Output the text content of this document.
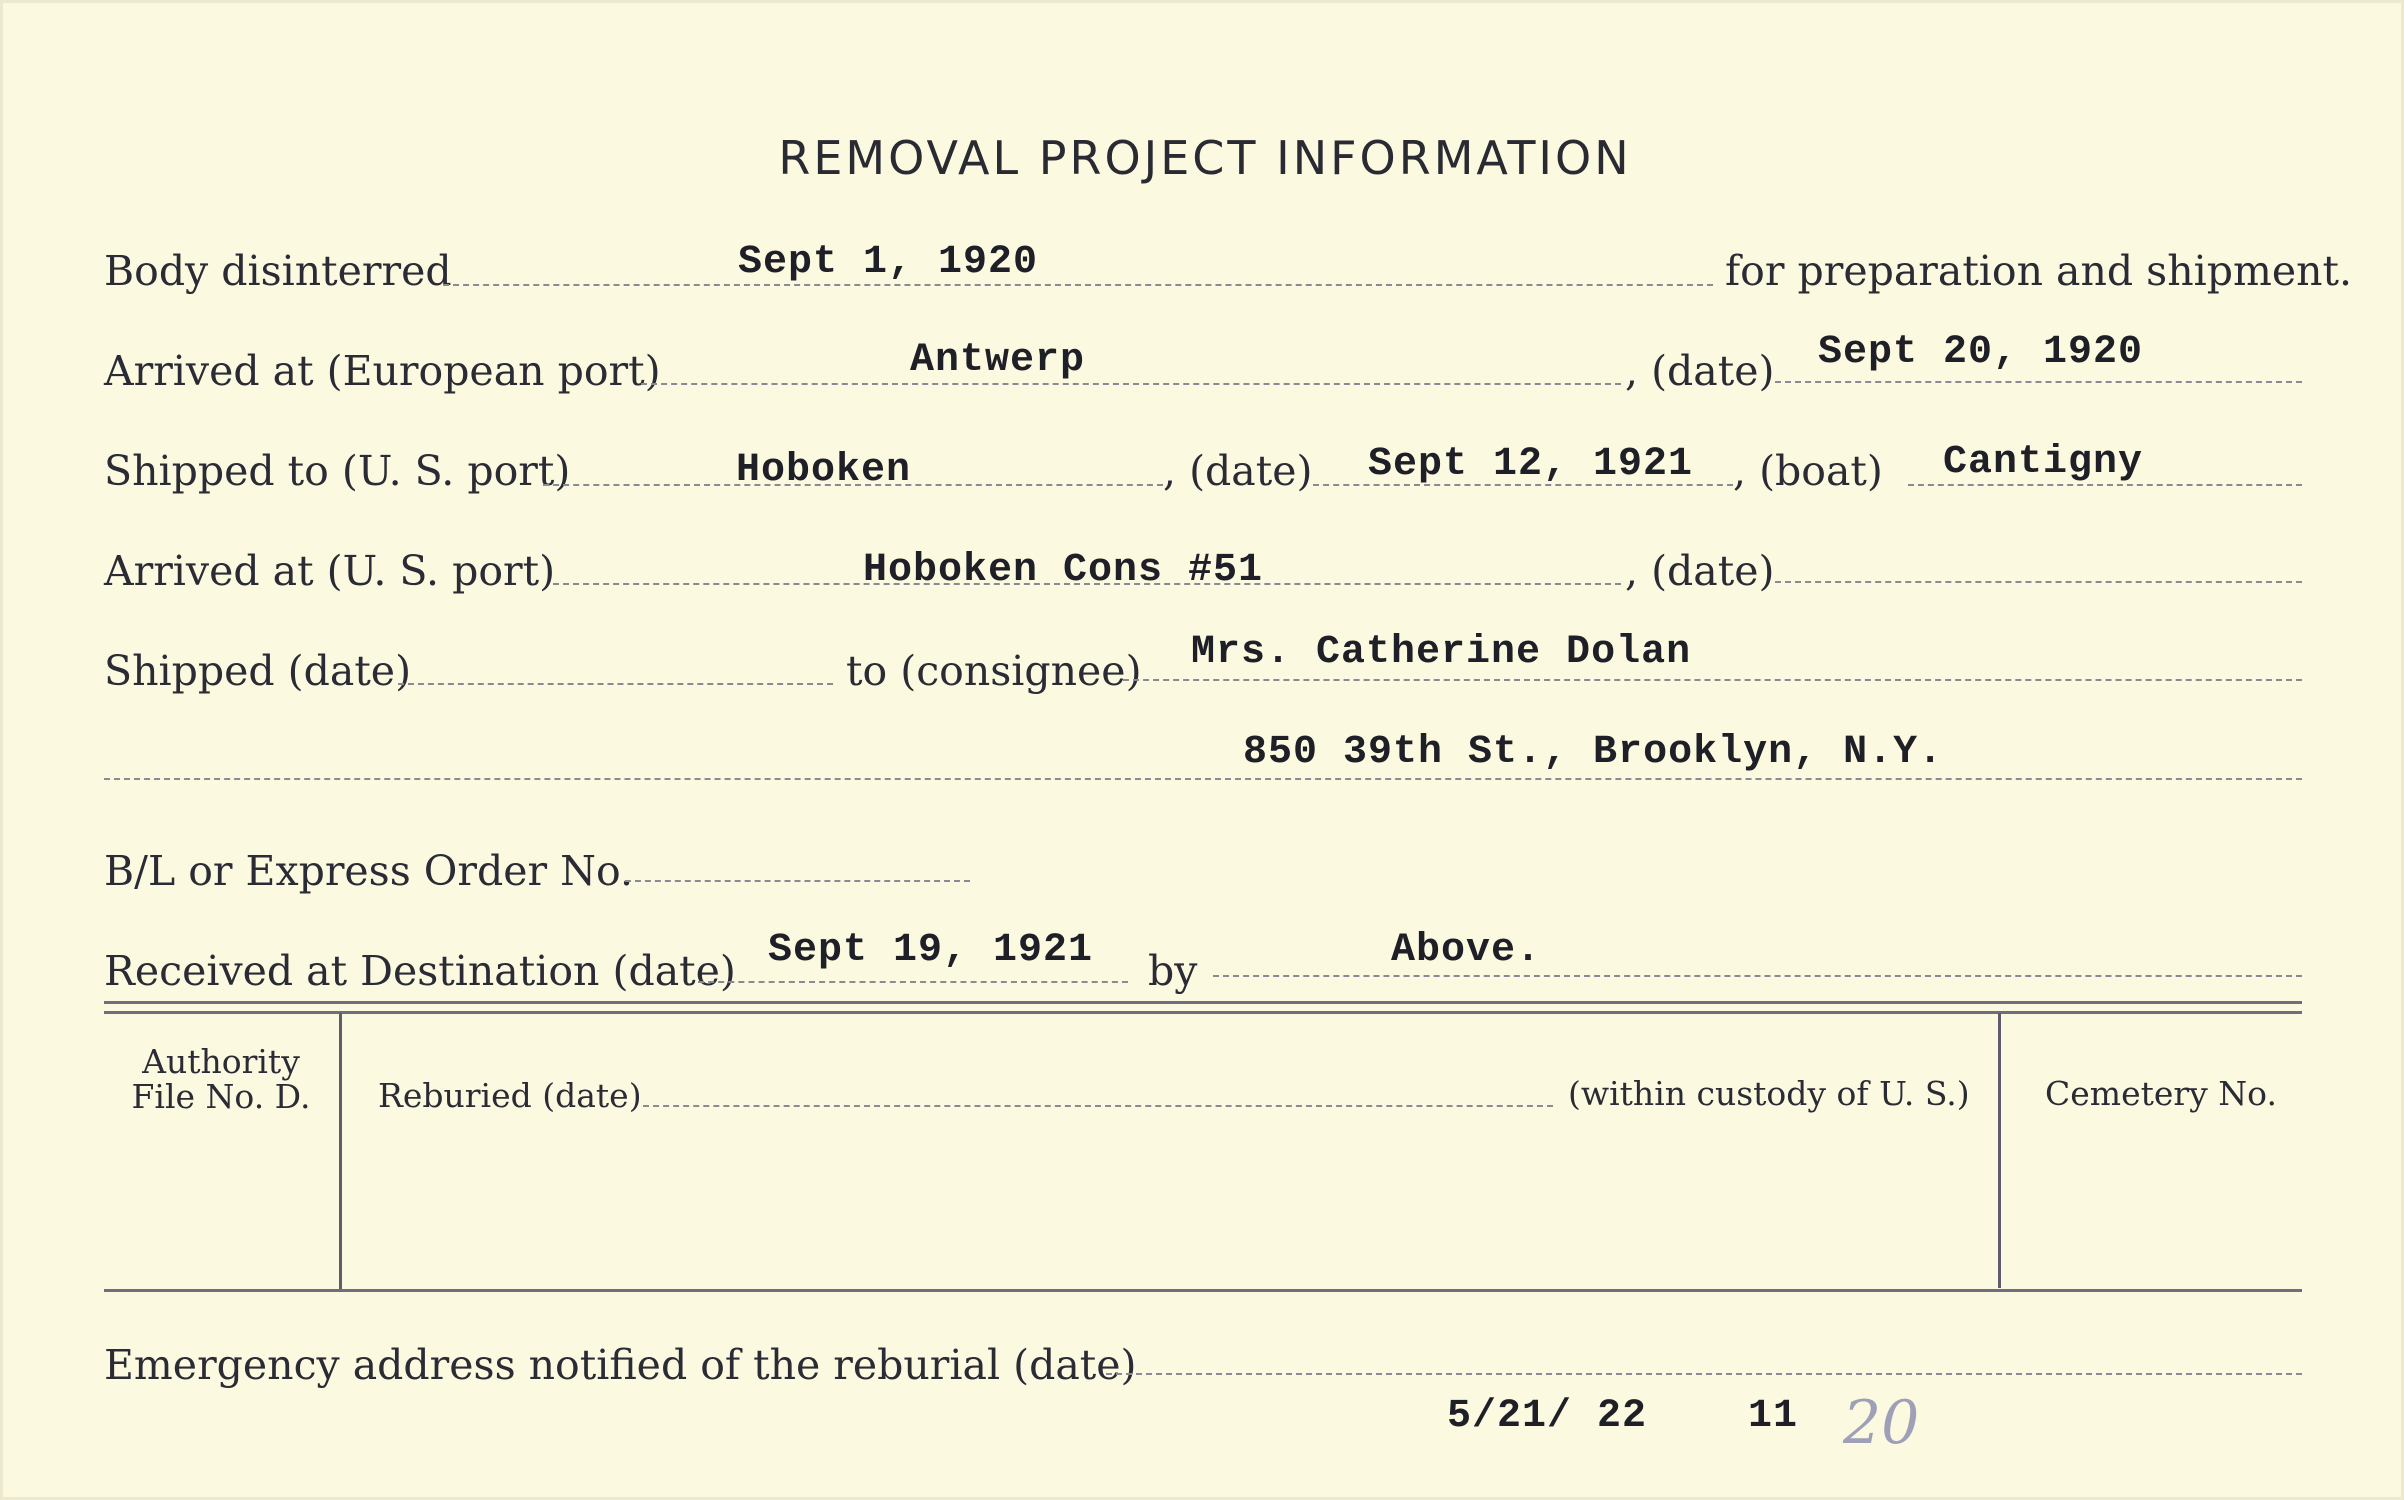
REMOVAL PROJECT INFORMATION
Body disinterred	Sept 1, 1920	for preparation and shipment.
Arrived at (European port)	Antwerp	, (date) Sept 20, 1920
Shipped to (U. S. port)	Hoboken	, (date) Sept 12, 1921 , (boat) Cantigny
Arrived at (U. S. port)	Hoboken Cons #51	, (date)
Shipped (date)	to (consignee) Mrs. Catherine Dolan
850 39th St., Brooklyn, N.Y.
B/L or Express Order No.
Received at Destination (date) Sept 19, 1921 by	Above.
Authority
File No. D.	Reburied (date)	(within custody of U. S.) Cemetery No.
Emergency address notified of the reburial (date)
5/21/ 22	11 20
